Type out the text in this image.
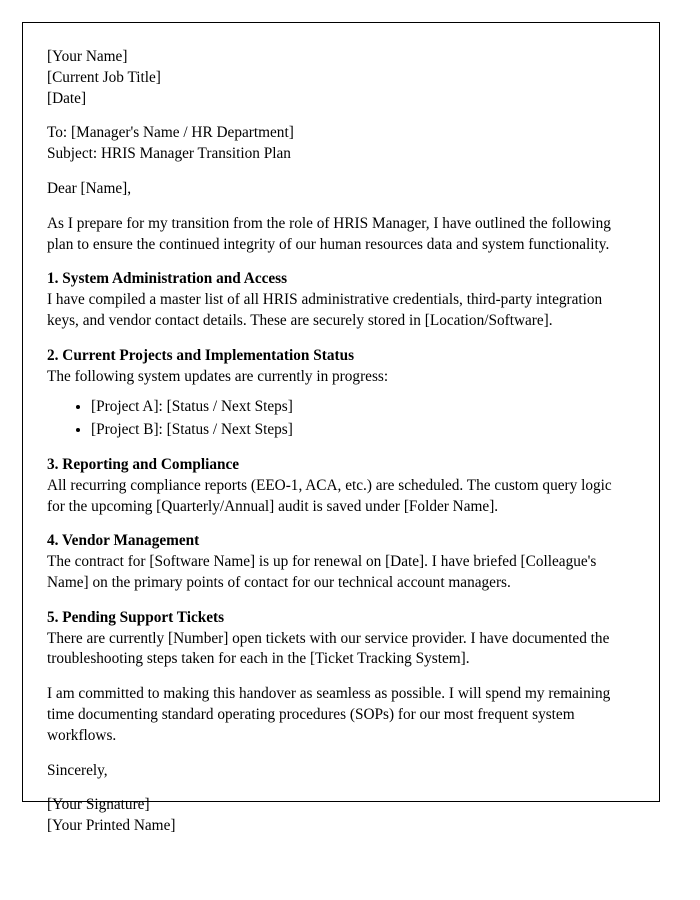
[Your Name]
[Current Job Title]
[Date]
To: [Manager's Name / HR Department]
Subject: HRIS Manager Transition Plan
Dear [Name],

As I prepare for my transition from the role of HRIS Manager, I have outlined the following plan to ensure the continued integrity of our human resources data and system functionality.

1. System Administration and Access

I have compiled a master list of all HRIS administrative credentials, third-party integration keys, and vendor contact details. These are securely stored in [Location/Software].

2. Current Projects and Implementation Status

The following system updates are currently in progress:

• [Project A]: [Status / Next Steps]
• [Project B]: [Status / Next Steps]
3. Reporting and Compliance

All recurring compliance reports (EEO-1, ACA, etc.) are scheduled. The custom query logic for the upcoming [Quarterly/Annual] audit is saved under [Folder Name].

4. Vendor Management

The contract for [Software Name] is up for renewal on [Date]. I have briefed [Colleague's Name] on the primary points of contact for our technical account managers.

5. Pending Support Tickets

There are currently [Number] open tickets with our service provider. I have documented the troubleshooting steps taken for each in the [Ticket Tracking System].

I am committed to making this handover as seamless as possible. I will spend my remaining time documenting standard operating procedures (SOPs) for our most frequent system workflows.

Sincerely,
[Your Signature]
[Your Printed Name]
